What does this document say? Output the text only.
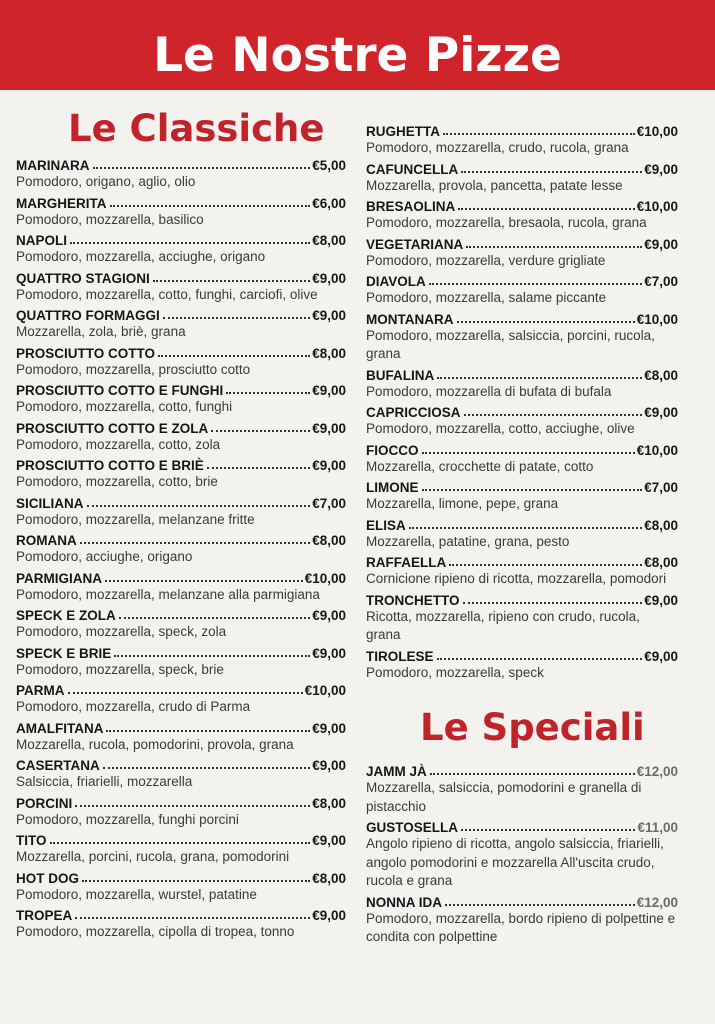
Le Nostre Pizze
Le Classiche
MARINARA	€5,00
Pomodoro, origano, aglio, olio
MARGHERITA	€6,00
Pomodoro, mozzarella, basilico
NAPOLI	€8,00
Pomodoro, mozzarella, acciughe, origano
QUATTRO STAGIONI	€9,00
Pomodoro, mozzarella, cotto, funghi, carciofi, olive
QUATTRO FORMAGGI	€9,00
Mozzarella, zola, briè, grana
PROSCIUTTO COTTO	€8,00
Pomodoro, mozzarella, prosciutto cotto
PROSCIUTTO COTTO E FUNGHI	€9,00
Pomodoro, mozzarella, cotto, funghi
PROSCIUTTO COTTO E ZOLA	€9,00
Pomodoro, mozzarella, cotto, zola
PROSCIUTTO COTTO E BRIÈ	€9,00
Pomodoro, mozzarella, cotto, brie
SICILIANA	€7,00
Pomodoro, mozzarella, melanzane fritte
ROMANA	€8,00
Pomodoro, acciughe, origano
PARMIGIANA	€10,00
Pomodoro, mozzarella, melanzane alla parmigiana
SPECK E ZOLA	€9,00
Pomodoro, mozzarella, speck, zola
SPECK E BRIE	€9,00
Pomodoro, mozzarella, speck, brie
PARMA	€10,00
Pomodoro, mozzarella, crudo di Parma
AMALFITANA	€9,00
Mozzarella, rucola, pomodorini, provola, grana
CASERTANA	€9,00
Salsiccia, friarielli, mozzarella
PORCINI	€8,00
Pomodoro, mozzarella, funghi porcini
TITO	€9,00
Mozzarella, porcini, rucola, grana, pomodorini
HOT DOG	€8,00
Pomodoro, mozzarella, wurstel, patatine
TROPEA	€9,00
Pomodoro, mozzarella, cipolla di tropea, tonno
RUGHETTA	€10,00
Pomodoro, mozzarella, crudo, rucola, grana
CAFUNCELLA	€9,00
Mozzarella, provola, pancetta, patate lesse
BRESAOLINA	€10,00
Pomodoro, mozzarella, bresaola, rucola, grana
VEGETARIANA	€9,00
Pomodoro, mozzarella, verdure grigliate
DIAVOLA	€7,00
Pomodoro, mozzarella, salame piccante
MONTANARA	€10,00
Pomodoro, mozzarella, salsiccia, porcini, rucola, grana
BUFALINA	€8,00
Pomodoro, mozzarella di bufata di bufala
CAPRICCIOSA	€9,00
Pomodoro, mozzarella, cotto, acciughe, olive
FIOCCO	€10,00
Mozzarella, crocchette di patate, cotto
LIMONE	€7,00
Mozzarella, limone, pepe, grana
ELISA	€8,00
Mozzarella, patatine, grana, pesto
RAFFAELLA	€8,00
Cornicione ripieno di ricotta, mozzarella, pomodori
TRONCHETTO	€9,00
Ricotta, mozzarella, ripieno con crudo, rucola, grana
TIROLESE	€9,00
Pomodoro, mozzarella, speck
Le Speciali
JAMM JÀ	€12,00
Mozzarella, salsiccia, pomodorini e granella di pistacchio
GUSTOSELLA	€11,00
Angolo ripieno di ricotta, angolo salsiccia, friarielli, angolo pomodorini e mozzarella All'uscita crudo, rucola e grana
NONNA IDA	€12,00
Pomodoro, mozzarella, bordo ripieno di polpettine e condita con polpettine
